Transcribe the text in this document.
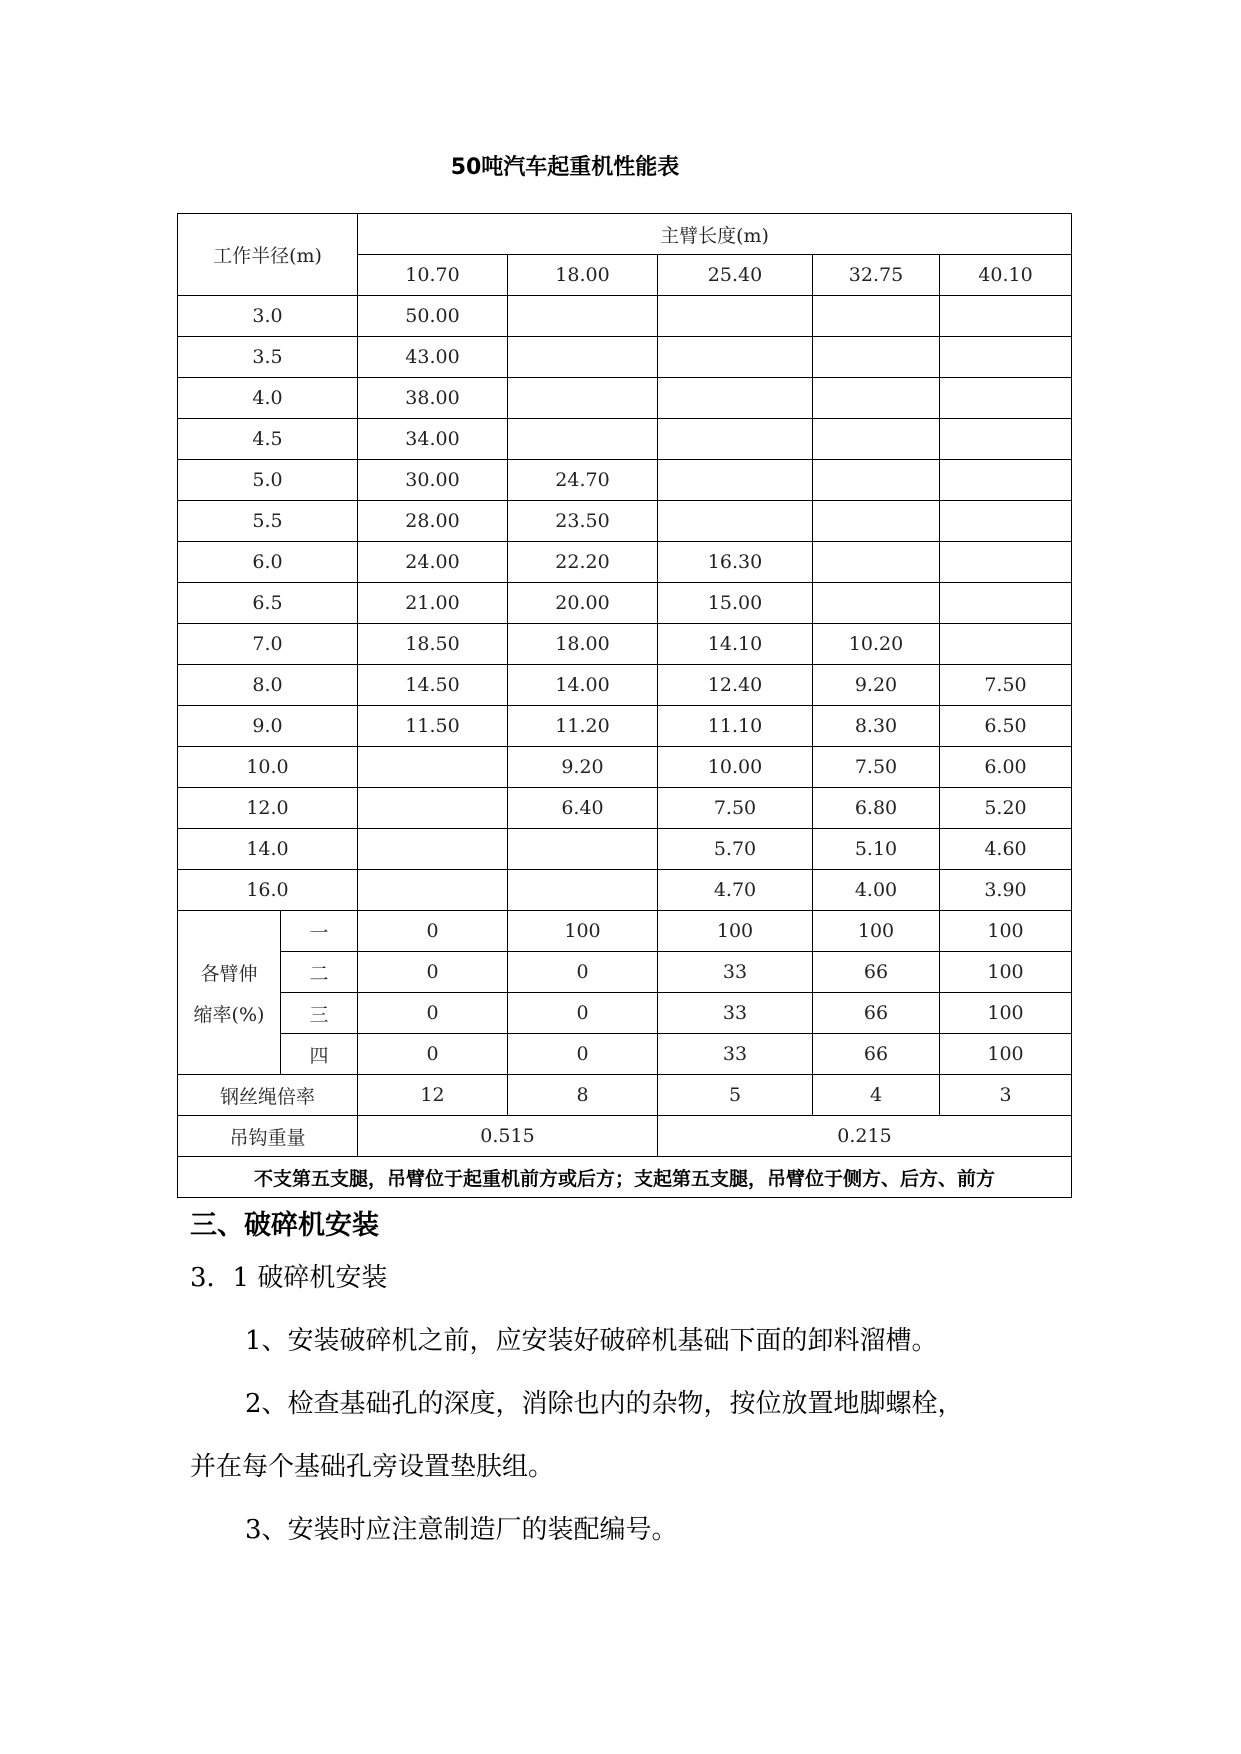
50吨汽车起重机性能表
工作半径(m)		主臂长度(m)				
		10.70	18.00	25.40	32.75	40.10
3.0		50.00				
3.5		43.00				
4.0		38.00				
4.5		34.00				
5.0		30.00	24.70			
5.5		28.00	23.50			
6.0		24.00	22.20	16.30		
6.5		21.00	20.00	15.00		
7.0		18.50	18.00	14.10	10.20	
8.0		14.50	14.00	12.40	9.20	7.50
9.0		11.50	11.20	11.10	8.30	6.50
10.0			9.20	10.00	7.50	6.00
12.0			6.40	7.50	6.80	5.20
14.0				5.70	5.10	4.60
16.0				4.70	4.00	3.90

各臂伸
缩率(%)	一	0	100	100	100	100
	二	0	0	33	66	100
	三	0	0	33	66	100
	四	0	0	33	66	100
钢丝绳倍率		12	8	5	4	3
吊钩重量		0.515		0.215		
不支第五支腿，吊臂位于起重机前方或后方；支起第五支腿，吊臂位于侧方、后方、前方						
三、破碎机安装
3．1 破碎机安装
1、安装破碎机之前，应安装好破碎机基础下面的卸料溜槽。
2、检查基础孔的深度，消除也内的杂物，按位放置地脚螺栓，
并在每个基础孔旁设置垫肤组。
3、安装时应注意制造厂的装配编号。
